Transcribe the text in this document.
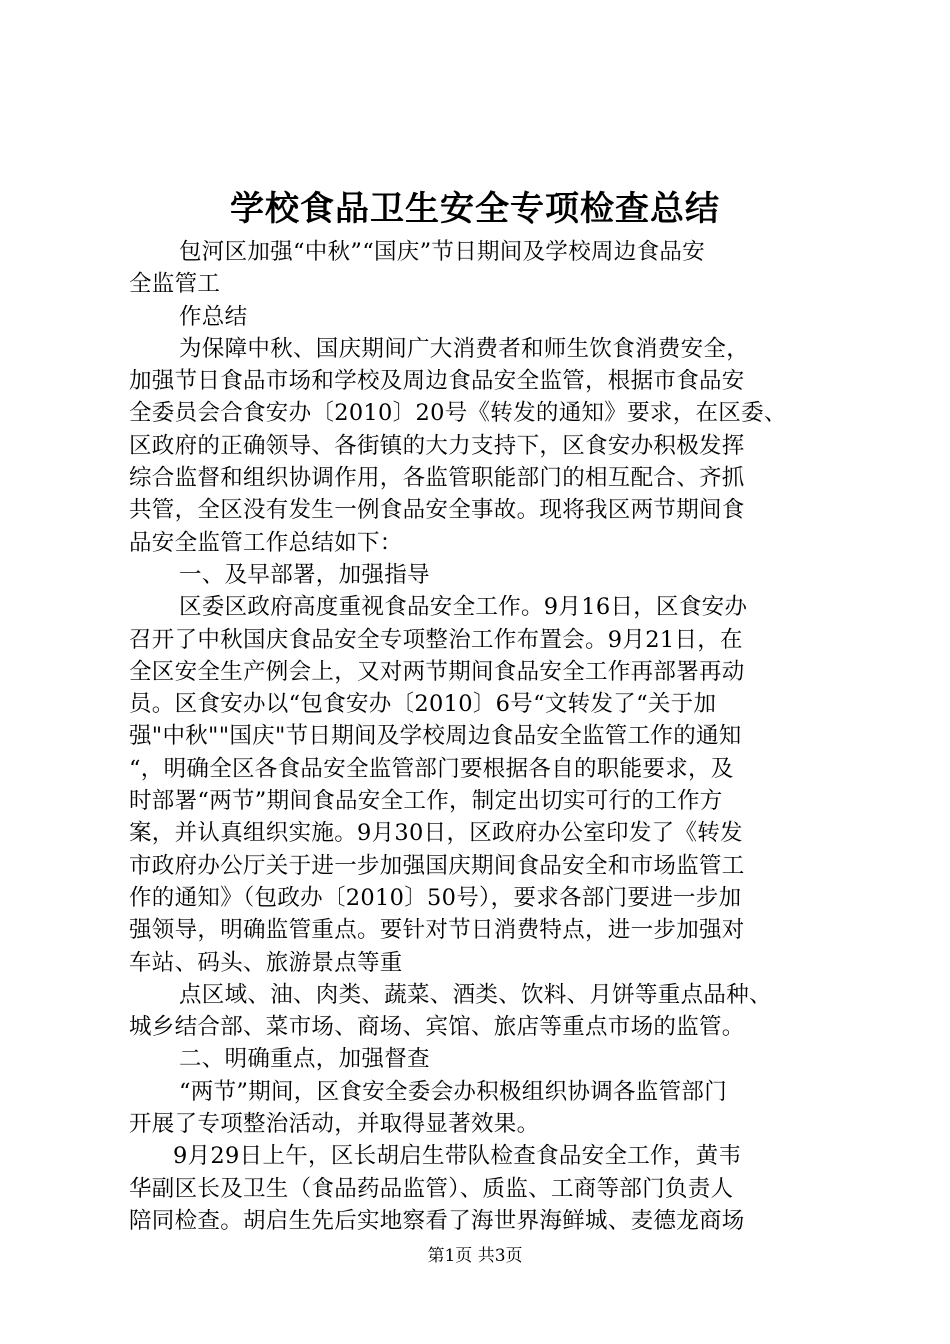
学校食品卫生安全专项检查总结
包河区加强“中秋”“国庆”节日期间及学校周边食品安
全监管工
作总结
为保障中秋、国庆期间广大消费者和师生饮食消费安全，
加强节日食品市场和学校及周边食品安全监管，根据市食品安
全委员会合食安办〔2010〕20号《转发的通知》要求，在区委、
区政府的正确领导、各街镇的大力支持下，区食安办积极发挥
综合监督和组织协调作用，各监管职能部门的相互配合、齐抓
共管，全区没有发生一例食品安全事故。现将我区两节期间食
品安全监管工作总结如下：
一、及早部署，加强指导
区委区政府高度重视食品安全工作。9月16日，区食安办
召开了中秋国庆食品安全专项整治工作布置会。9月21日，在
全区安全生产例会上，又对两节期间食品安全工作再部署再动
员。区食安办以“包食安办〔2010〕6号“文转发了“关于加
强"中秋""国庆"节日期间及学校周边食品安全监管工作的通知
“，明确全区各食品安全监管部门要根据各自的职能要求，及
时部署“两节”期间食品安全工作，制定出切实可行的工作方
案，并认真组织实施。9月30日，区政府办公室印发了《转发
市政府办公厅关于进一步加强国庆期间食品安全和市场监管工
作的通知》（包政办〔2010〕50号），要求各部门要进一步加
强领导，明确监管重点。要针对节日消费特点，进一步加强对
车站、码头、旅游景点等重
点区域、油、肉类、蔬菜、酒类、饮料、月饼等重点品种、
城乡结合部、菜市场、商场、宾馆、旅店等重点市场的监管。
二、明确重点，加强督查
“两节”期间，区食安全委会办积极组织协调各监管部门
开展了专项整治活动，并取得显著效果。
9月29日上午，区长胡启生带队检查食品安全工作，黄韦
华副区长及卫生（食品药品监管）、质监、工商等部门负责人
陪同检查。胡启生先后实地察看了海世界海鲜城、麦德龙商场
第1页 共3页
